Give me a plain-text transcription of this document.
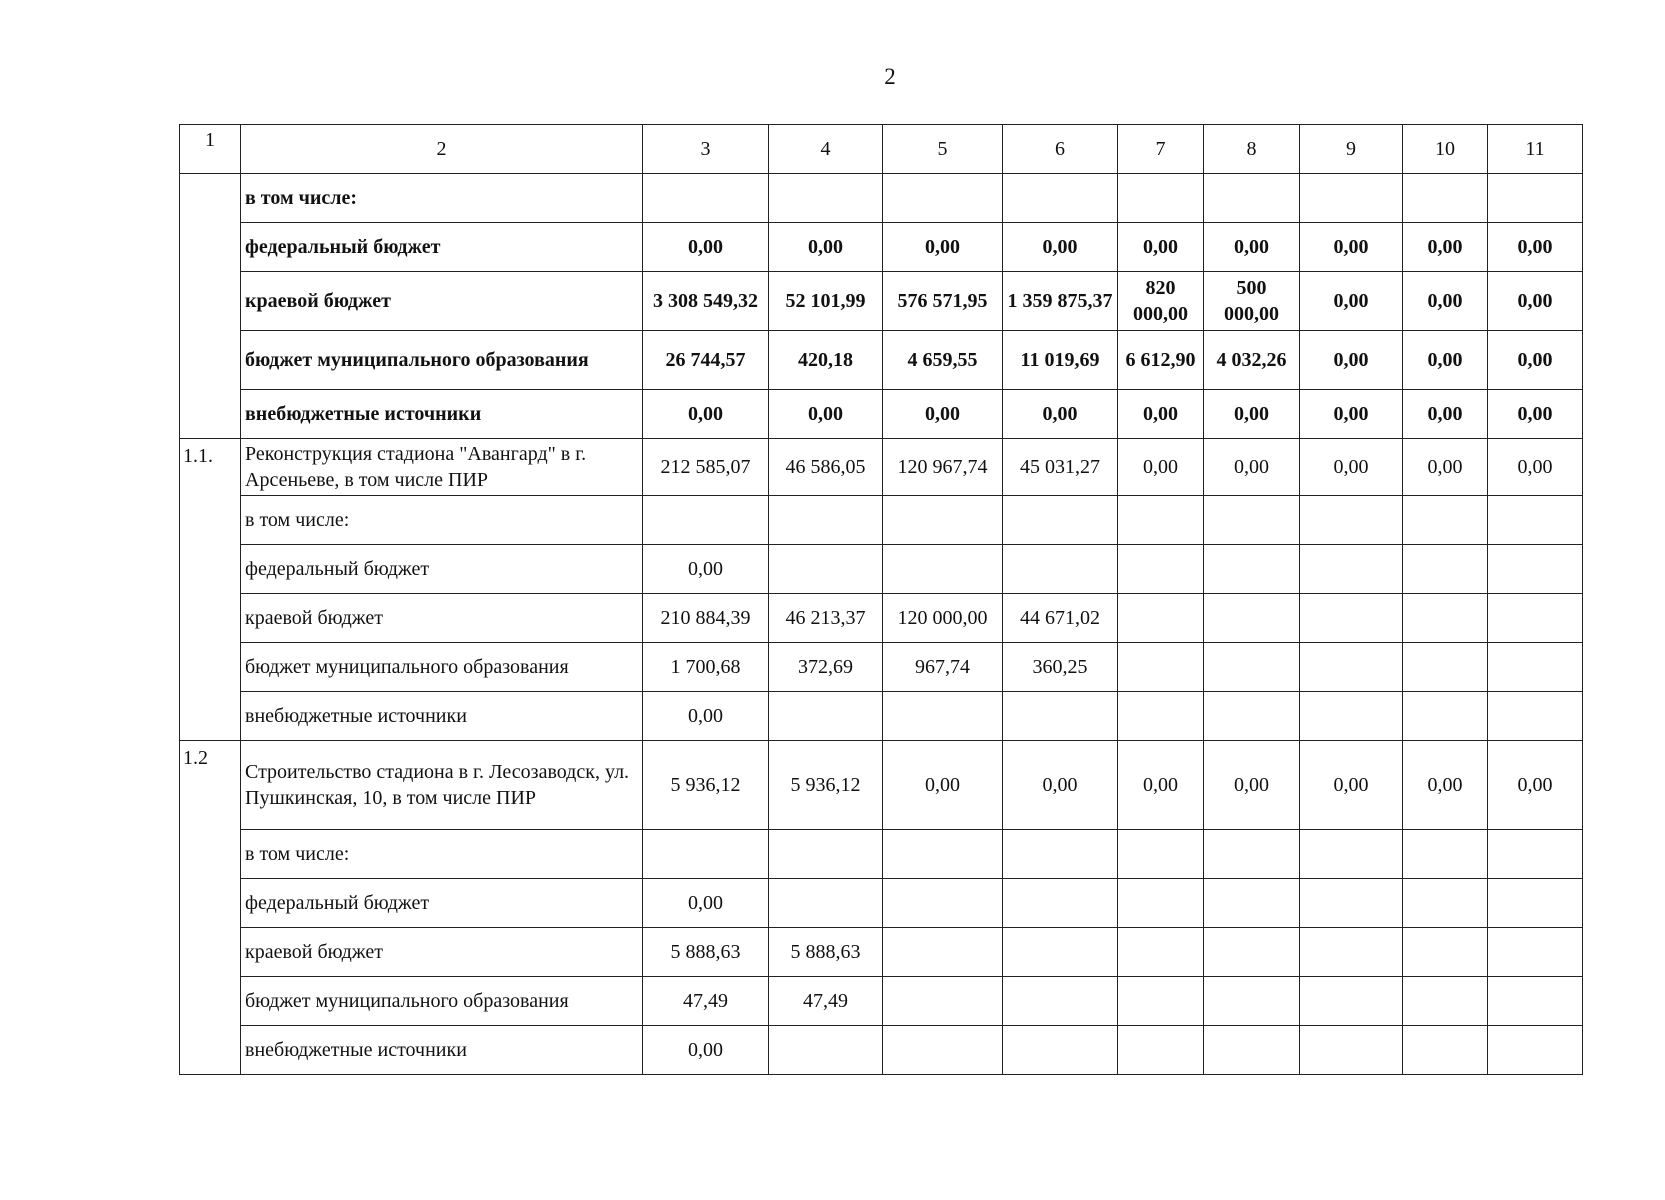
2
1	2	3	4	5	6	7	8	9	10	11
	в том числе:									
	федеральный бюджет	0,00	0,00	0,00	0,00	0,00	0,00	0,00	0,00	0,00
	краевой бюджет	3 308 549,32	52 101,99	576 571,95	1 359 875,37	820 000,00	500 000,00	0,00	0,00	0,00
	бюджет муниципального образования	26 744,57	420,18	4 659,55	11 019,69	6 612,90	4 032,26	0,00	0,00	0,00
	внебюджетные источники	0,00	0,00	0,00	0,00	0,00	0,00	0,00	0,00	0,00
1.1.	Реконструкция стадиона "Авангард" в г. Арсеньеве, в том числе ПИР	212 585,07	46 586,05	120 967,74	45 031,27	0,00	0,00	0,00	0,00	0,00
	в том числе:									
	федеральный бюджет	0,00								
	краевой бюджет	210 884,39	46 213,37	120 000,00	44 671,02					
	бюджет муниципального образования	1 700,68	372,69	967,74	360,25					
	внебюджетные источники	0,00								
1.2	Строительство стадиона в г. Лесозаводск, ул. Пушкинская, 10, в том числе ПИР	5 936,12	5 936,12	0,00	0,00	0,00	0,00	0,00	0,00	0,00
	в том числе:									
	федеральный бюджет	0,00								
	краевой бюджет	5 888,63	5 888,63							
	бюджет муниципального образования	47,49	47,49							
	внебюджетные источники	0,00								
